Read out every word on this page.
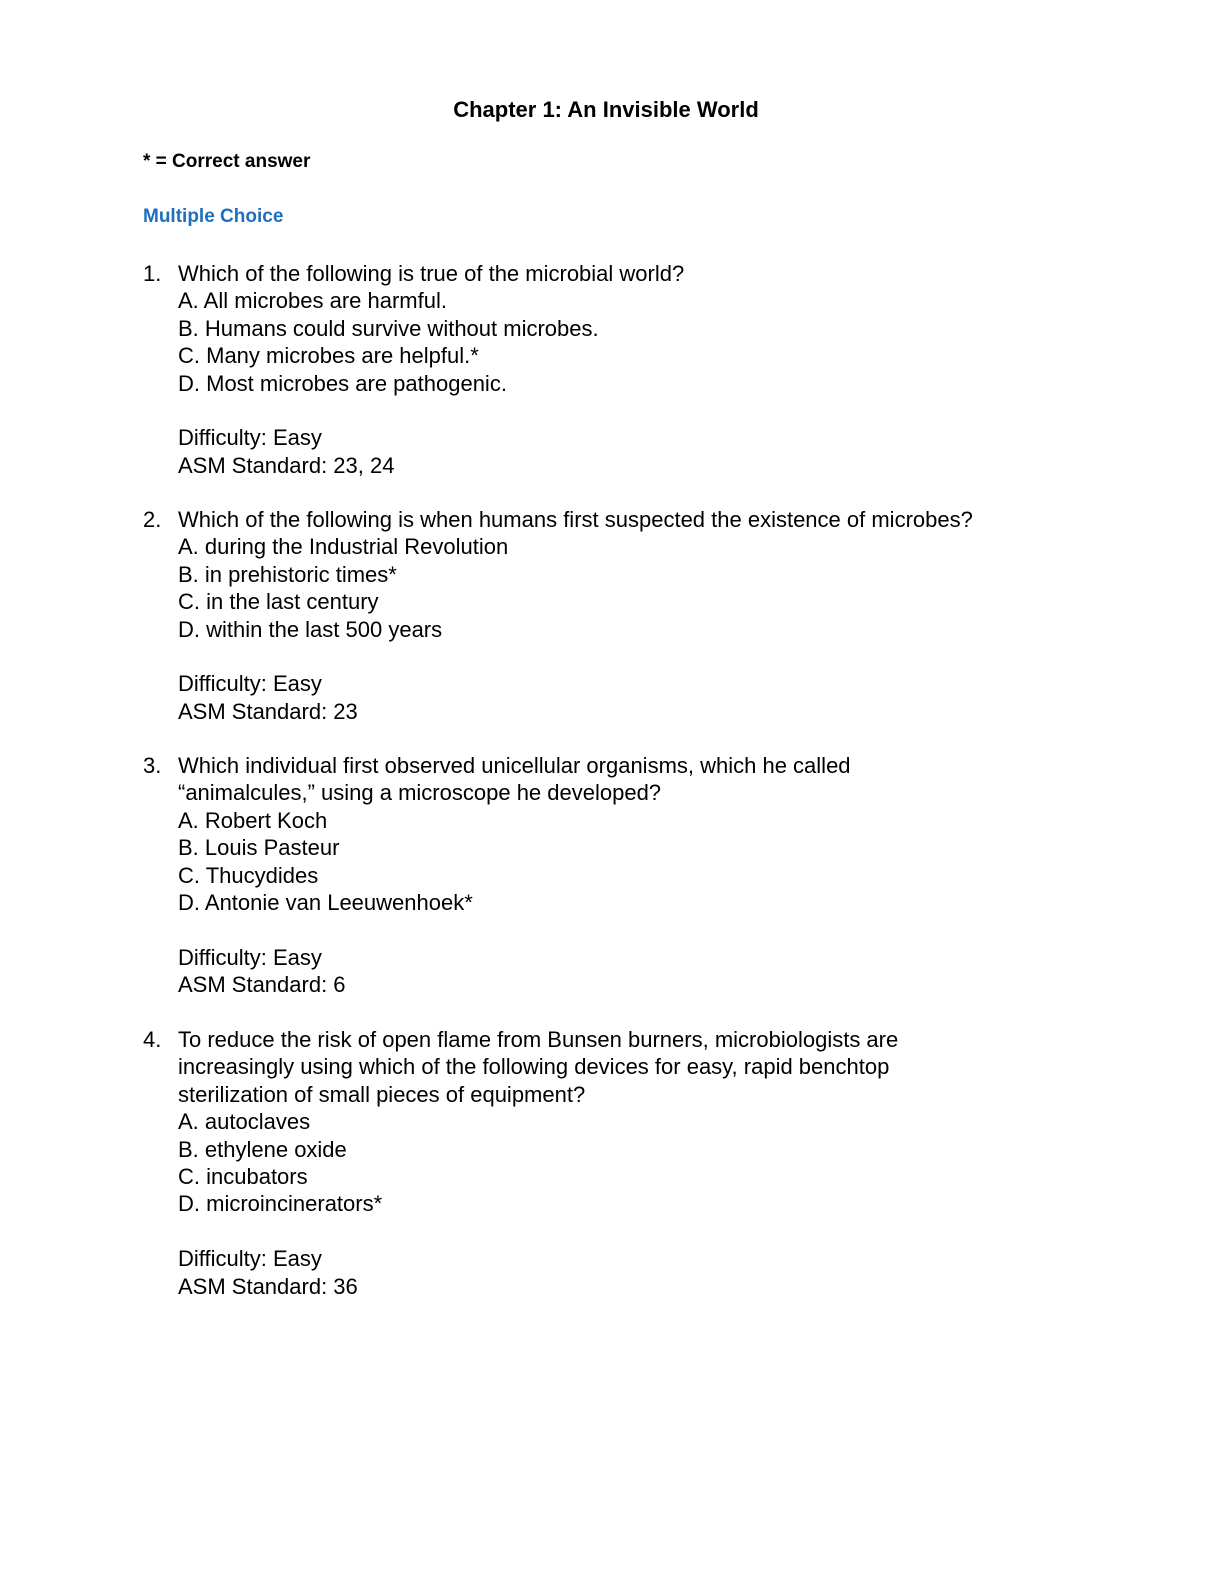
Chapter 1: An Invisible World
* = Correct answer
Multiple Choice
1. Which of the following is true of the microbial world?
A. All microbes are harmful.
B. Humans could survive without microbes.
C. Many microbes are helpful.*
D. Most microbes are pathogenic.
Difficulty: Easy
ASM Standard: 23, 24
2. Which of the following is when humans first suspected the existence of microbes?
A. during the Industrial Revolution
B. in prehistoric times*
C. in the last century
D. within the last 500 years
Difficulty: Easy
ASM Standard: 23
3. Which individual first observed unicellular organisms, which he called
“animalcules,” using a microscope he developed?
A. Robert Koch
B. Louis Pasteur
C. Thucydides
D. Antonie van Leeuwenhoek*
Difficulty: Easy
ASM Standard: 6
4. To reduce the risk of open flame from Bunsen burners, microbiologists are
increasingly using which of the following devices for easy, rapid benchtop
sterilization of small pieces of equipment?
A. autoclaves
B. ethylene oxide
C. incubators
D. microincinerators*
Difficulty: Easy
ASM Standard: 36
